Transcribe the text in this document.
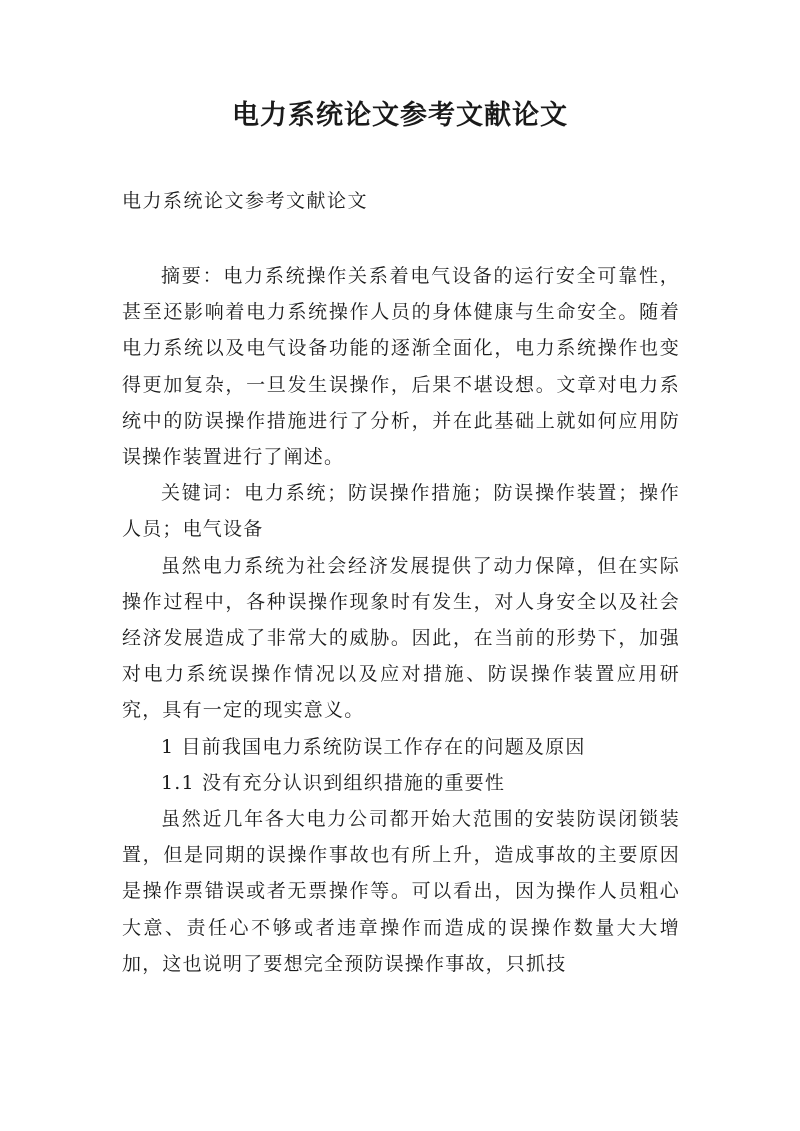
电力系统论文参考文献论文

电力系统论文参考文献论文

摘要：电力系统操作关系着电气设备的运行安全可靠性，甚至还影响着电力系统操作人员的身体健康与生命安全。随着电力系统以及电气设备功能的逐渐全面化，电力系统操作也变得更加复杂，一旦发生误操作，后果不堪设想。文章对电力系统中的防误操作措施进行了分析，并在此基础上就如何应用防误操作装置进行了阐述。

关键词：电力系统；防误操作措施；防误操作装置；操作人员；电气设备

虽然电力系统为社会经济发展提供了动力保障，但在实际操作过程中，各种误操作现象时有发生，对人身安全以及社会经济发展造成了非常大的威胁。因此，在当前的形势下，加强对电力系统误操作情况以及应对措施、防误操作装置应用研究，具有一定的现实意义。

1 目前我国电力系统防误工作存在的问题及原因

1.1 没有充分认识到组织措施的重要性

虽然近几年各大电力公司都开始大范围的安装防误闭锁装置，但是同期的误操作事故也有所上升，造成事故的主要原因是操作票错误或者无票操作等。可以看出，因为操作人员粗心大意、责任心不够或者违章操作而造成的误操作数量大大增加，这也说明了要想完全预防误操作事故，只抓技
